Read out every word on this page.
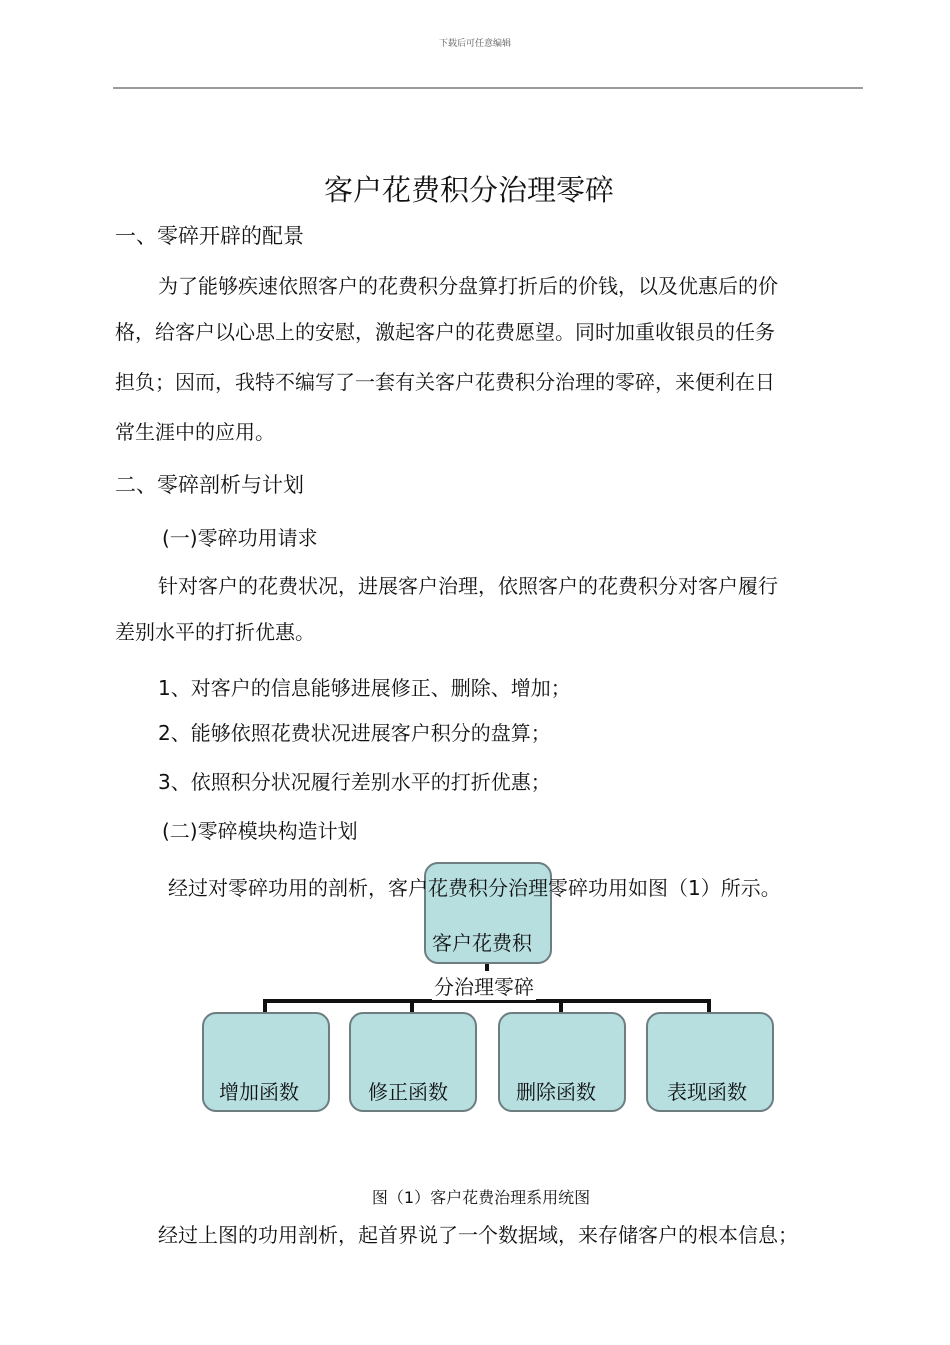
下载后可任意编辑
客户花费积分治理零碎
一、零碎开辟的配景
为了能够疾速依照客户的花费积分盘算打折后的价钱，以及优惠后的价
格，给客户以心思上的安慰，激起客户的花费愿望。同时加重收银员的任务
担负；因而，我特不编写了一套有关客户花费积分治理的零碎，来便利在日
常生涯中的应用。
二、零碎剖析与计划
(一)零碎功用请求
针对客户的花费状况，进展客户治理，依照客户的花费积分对客户履行
差别水平的打折优惠。
1、对客户的信息能够进展修正、删除、增加；
2、能够依照花费状况进展客户积分的盘算；
3、依照积分状况履行差别水平的打折优惠；
(二)零碎模块构造计划
客户花费积
分治理零碎
增加函数	修正函数	删除函数	表现函数
经过对零碎功用的剖析，客户花费积分治理零碎功用如图（1）所示。
图（1）客户花费治理系用统图
经过上图的功用剖析，起首界说了一个数据域，来存储客户的根本信息；
